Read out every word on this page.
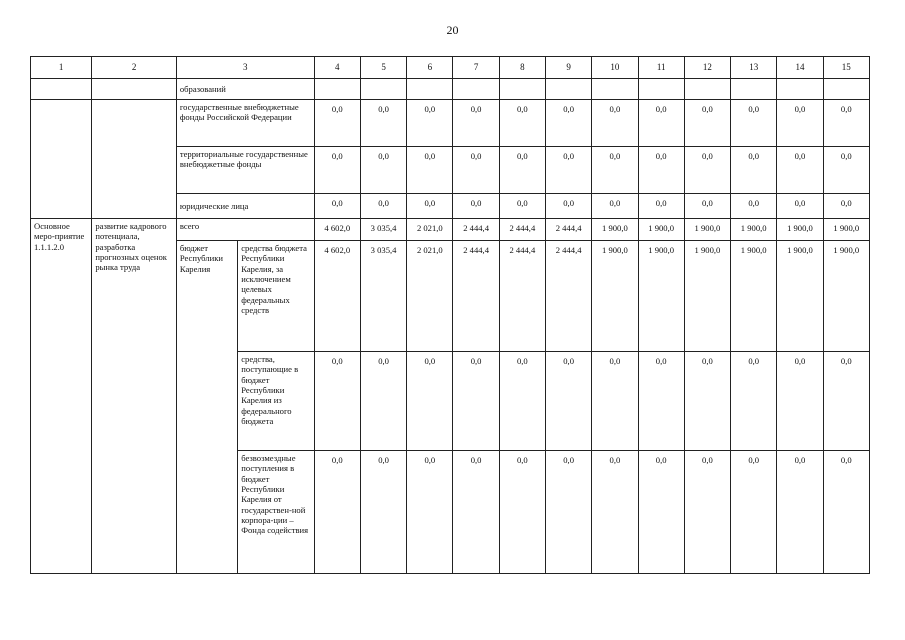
20
1	2	3		4	5	6	7	8	9	10	11	12	13	14	15
		образований													
		государственные внебюджетные фонды Российской Федерации		0,0	0,0	0,0	0,0	0,0	0,0	0,0	0,0	0,0	0,0	0,0	0,0
		территориальные государственные внебюджетные фонды		0,0	0,0	0,0	0,0	0,0	0,0	0,0	0,0	0,0	0,0	0,0	0,0
		юридические лица		0,0	0,0	0,0	0,0	0,0	0,0	0,0	0,0	0,0	0,0	0,0	0,0
Основное меро-приятие 1.1.1.2.0	развитие кадрового потенциала, разработка прогнозных оценок рынка труда	всего		4 602,0	3 035,4	2 021,0	2 444,4	2 444,4	2 444,4	1 900,0	1 900,0	1 900,0	1 900,0	1 900,0	1 900,0
		бюджет Республики Карелия	средства бюджета Республики Карелия, за исключением целевых федеральных средств	4 602,0	3 035,4	2 021,0	2 444,4	2 444,4	2 444,4	1 900,0	1 900,0	1 900,0	1 900,0	1 900,0	1 900,0
			средства, поступающие в бюджет Республики Карелия из федерального бюджета	0,0	0,0	0,0	0,0	0,0	0,0	0,0	0,0	0,0	0,0	0,0	0,0
			безвозмездные поступления в бюджет Республики Карелия от государствен-ной корпора-ции – Фонда содействия	0,0	0,0	0,0	0,0	0,0	0,0	0,0	0,0	0,0	0,0	0,0	0,0
